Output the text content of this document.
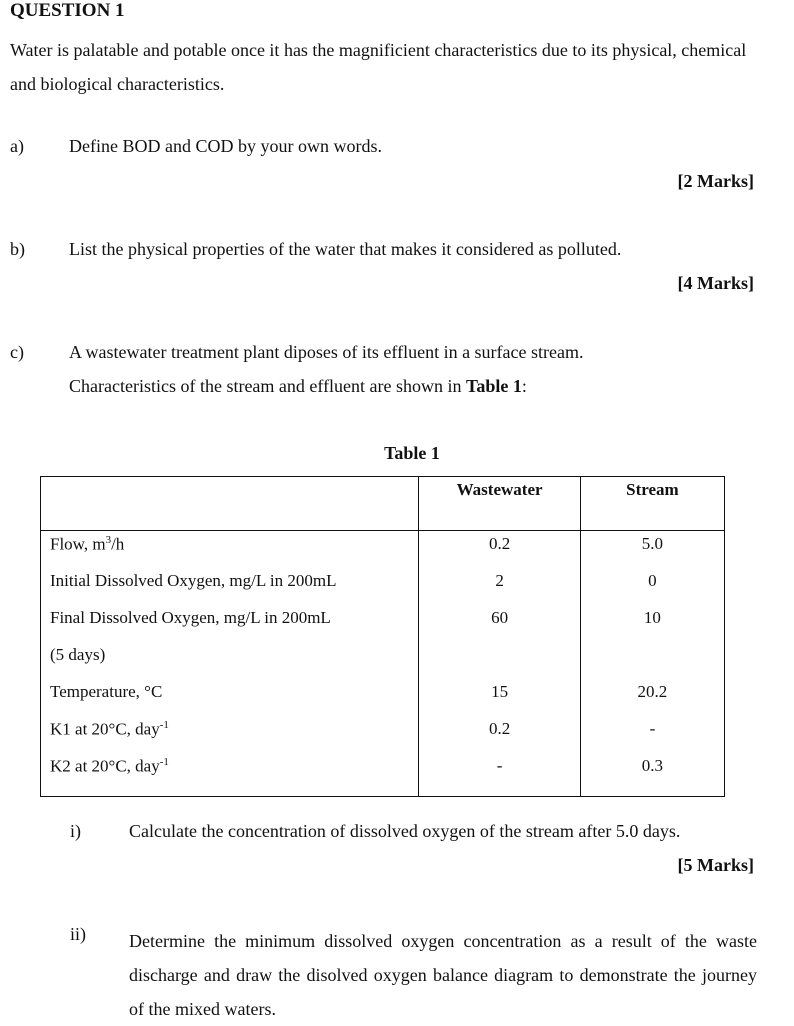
QUESTION 1
Water is palatable and potable once it has the magnificient characteristics due to its physical, chemical and biological characteristics.
a)	Define BOD and COD by your own words.
[2 Marks]
b) List the physical properties of the water that makes it considered as polluted.
[4 Marks]
c)	A wastewater treatment plant diposes of its effluent in a surface stream.
Characteristics of the stream and effluent are shown in Table 1:
Table 1
	Wastewater	Stream
Flow, $m^3/h$	0.2	5.0
Initial Dissolved Oxygen, mg/L in 200mL	2	0
Final Dissolved Oxygen, mg/L in 200mL	60	10
(5 days)		
Temperature, °C	15	20.2
K1 at 20°C, day$^{-1}$	0.2	-
K2 at 20°C, day$^{-1}$	-	0.3
i)	Calculate the concentration of dissolved oxygen of the stream after 5.0 days.
[5 Marks]
ii) Determine the minimum dissolved oxygen concentration as a result of the waste discharge and draw the disolved oxygen balance diagram to demonstrate the journey of the mixed waters.
